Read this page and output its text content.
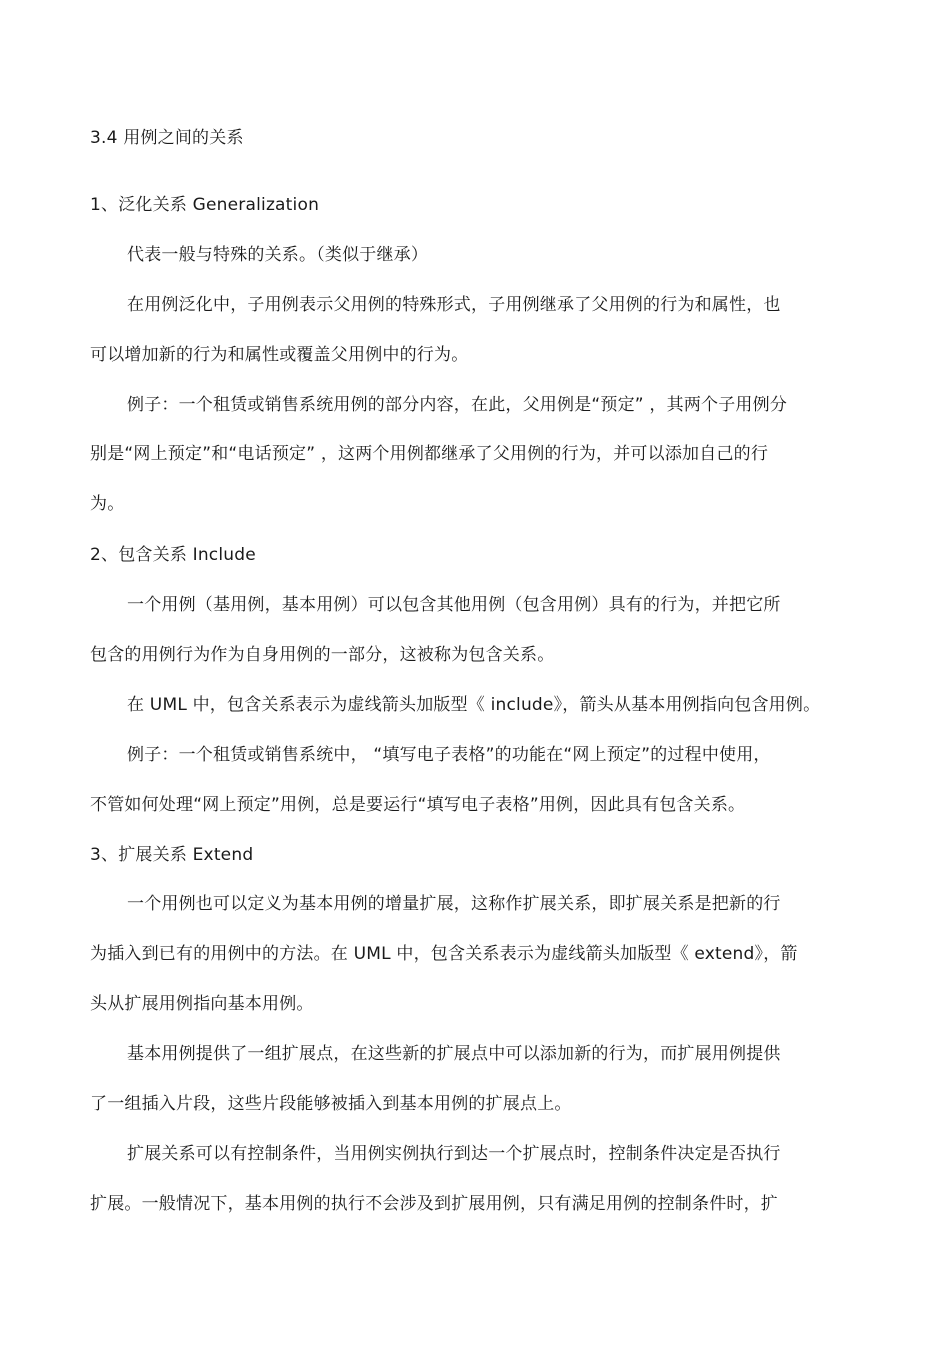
3.4 用例之间的关系
1、泛化关系 Generalization
代表一般与特殊的关系。（类似于继承）
在用例泛化中，子用例表示父用例的特殊形式，子用例继承了父用例的行为和属性，也
可以增加新的行为和属性或覆盖父用例中的行为。
例子：一个租赁或销售系统用例的部分内容，在此，父用例是“预定” ，其两个子用例分
别是“网上预定”和“电话预定” ，这两个用例都继承了父用例的行为，并可以添加自己的行
为。
2、包含关系 Include
一个用例（基用例，基本用例）可以包含其他用例（包含用例）具有的行为，并把它所
包含的用例行为作为自身用例的一部分，这被称为包含关系。
在 UML 中，包含关系表示为虚线箭头加版型《 include》，箭头从基本用例指向包含用例。
例子：一个租赁或销售系统中， “填写电子表格”的功能在“网上预定”的过程中使用，
不管如何处理“网上预定”用例，总是要运行“填写电子表格”用例，因此具有包含关系。
3、扩展关系 Extend
一个用例也可以定义为基本用例的增量扩展，这称作扩展关系，即扩展关系是把新的行
为插入到已有的用例中的方法。在 UML 中，包含关系表示为虚线箭头加版型《 extend》，箭
头从扩展用例指向基本用例。
基本用例提供了一组扩展点，在这些新的扩展点中可以添加新的行为，而扩展用例提供
了一组插入片段，这些片段能够被插入到基本用例的扩展点上。
扩展关系可以有控制条件，当用例实例执行到达一个扩展点时，控制条件决定是否执行
扩展。一般情况下，基本用例的执行不会涉及到扩展用例，只有满足用例的控制条件时，扩
